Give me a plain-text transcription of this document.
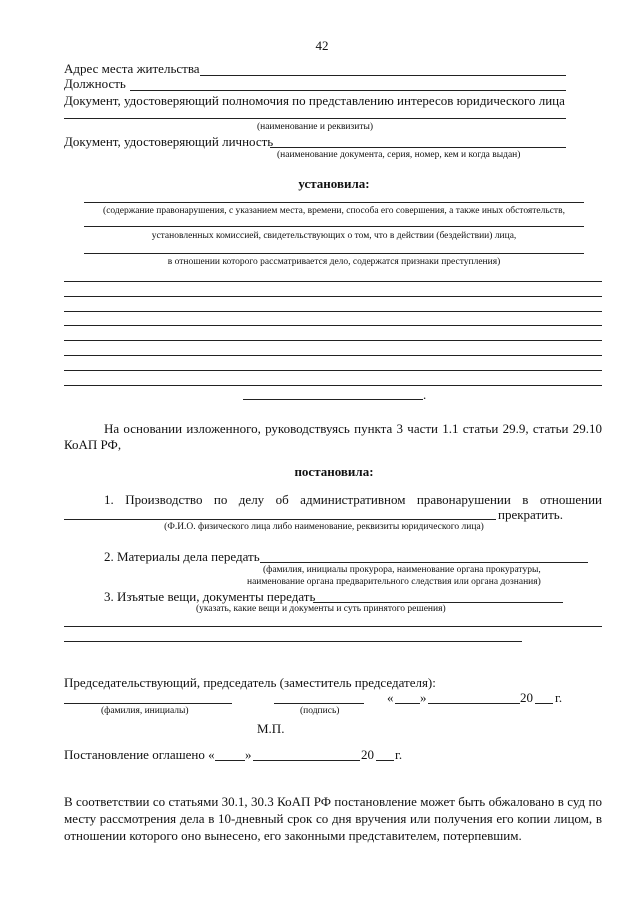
42
Адрес места жительства
Должность
Документ, удостоверяющий полномочия по представлению интересов юридического лица
(наименование и реквизиты)
Документ, удостоверяющий личность
(наименование документа, серия, номер, кем и когда выдан)
установила:
(содержание правонарушения, с указанием места, времени, способа его совершения, а также иных обстоятельств,
установленных комиссией, свидетельствующих о том, что в действии (бездействии) лица,
в отношении которого рассматривается дело, содержатся признаки преступления)
.
На основании изложенного, руководствуясь пункта 3 части 1.1 статьи 29.9, статьи 29.10
КоАП РФ,
постановила:
1. Производство по делу об административном правонарушении в отношении
прекратить.
(Ф.И.О. физического лица либо наименование, реквизиты юридического лица)
2. Материалы дела передать
(фамилия, инициалы прокурора, наименование органа прокуратуры,
наименование органа предварительного следствия или органа дознания)
3. Изъятые вещи, документы передать
(указать, какие вещи и документы и суть принятого решения)
Председательствующий, председатель (заместитель председателя):
« »	20 г.
(фамилия, инициалы)	(подпись)
М.П.
Постановление оглашено « »	20 г.
В соответствии со статьями 30.1, 30.3 КоАП РФ постановление может быть обжаловано в суд по
месту рассмотрения дела в 10-дневный срок со дня вручения или получения его копии лицом, в
отношении которого оно вынесено, его законными представителем, потерпевшим.
